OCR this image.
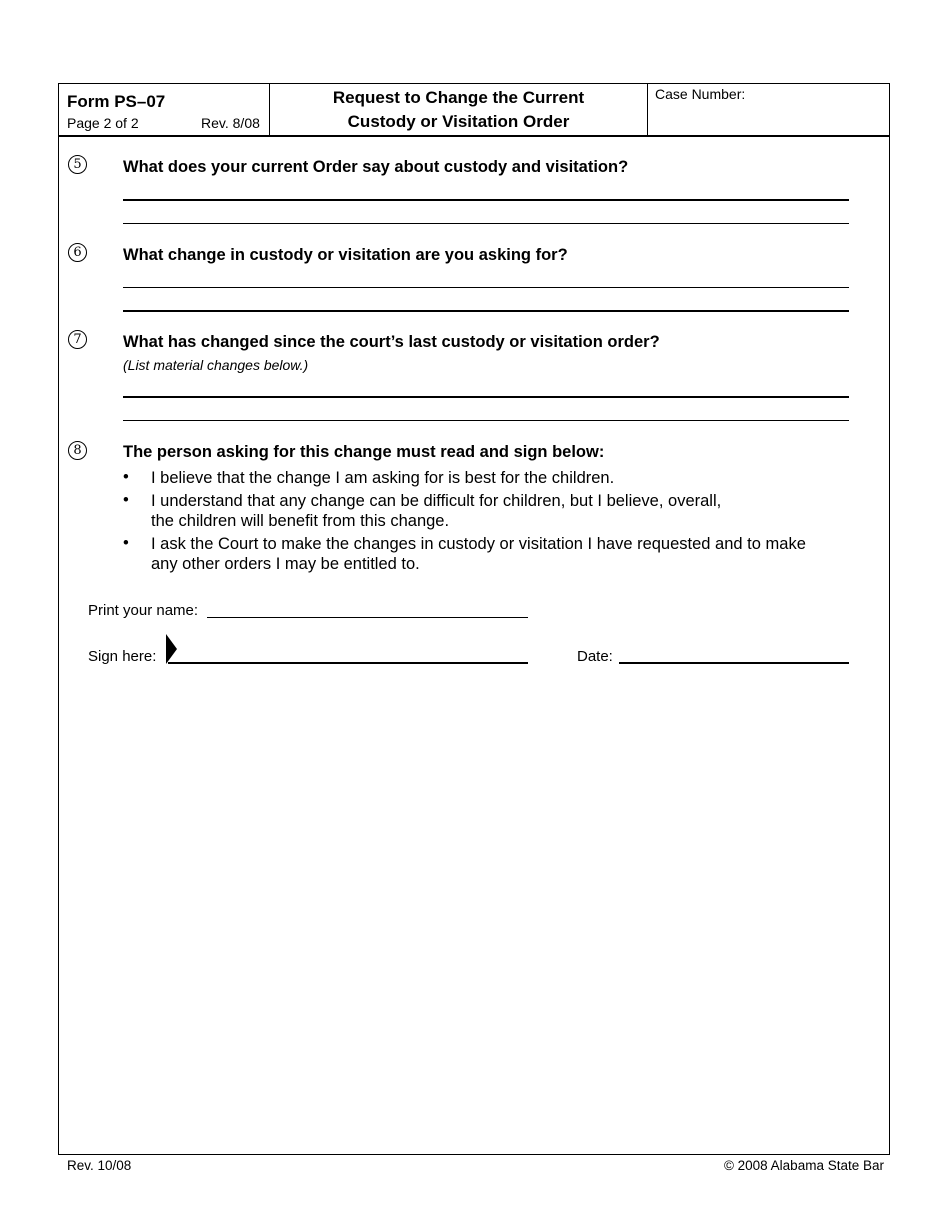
Form PS–07
Page 2 of 2	Rev. 8/08
Request to Change the Current
Custody or Visitation Order
Case Number:
5	What does your current Order say about custody and visitation?
6	What change in custody or visitation are you asking for?
7	What has changed since the court’s last custody or visitation order?
(List material changes below.)
8	The person asking for this change must read and sign below:
• I believe that the change I am asking for is best for the children.
• I understand that any change can be difficult for children, but I believe, overall,
the children will benefit from this change.
• I ask the Court to make the changes in custody or visitation I have requested and to make
any other orders I may be entitled to.
Print your name:
Sign here:	Date:
Rev. 10/08	© 2008 Alabama State Bar
